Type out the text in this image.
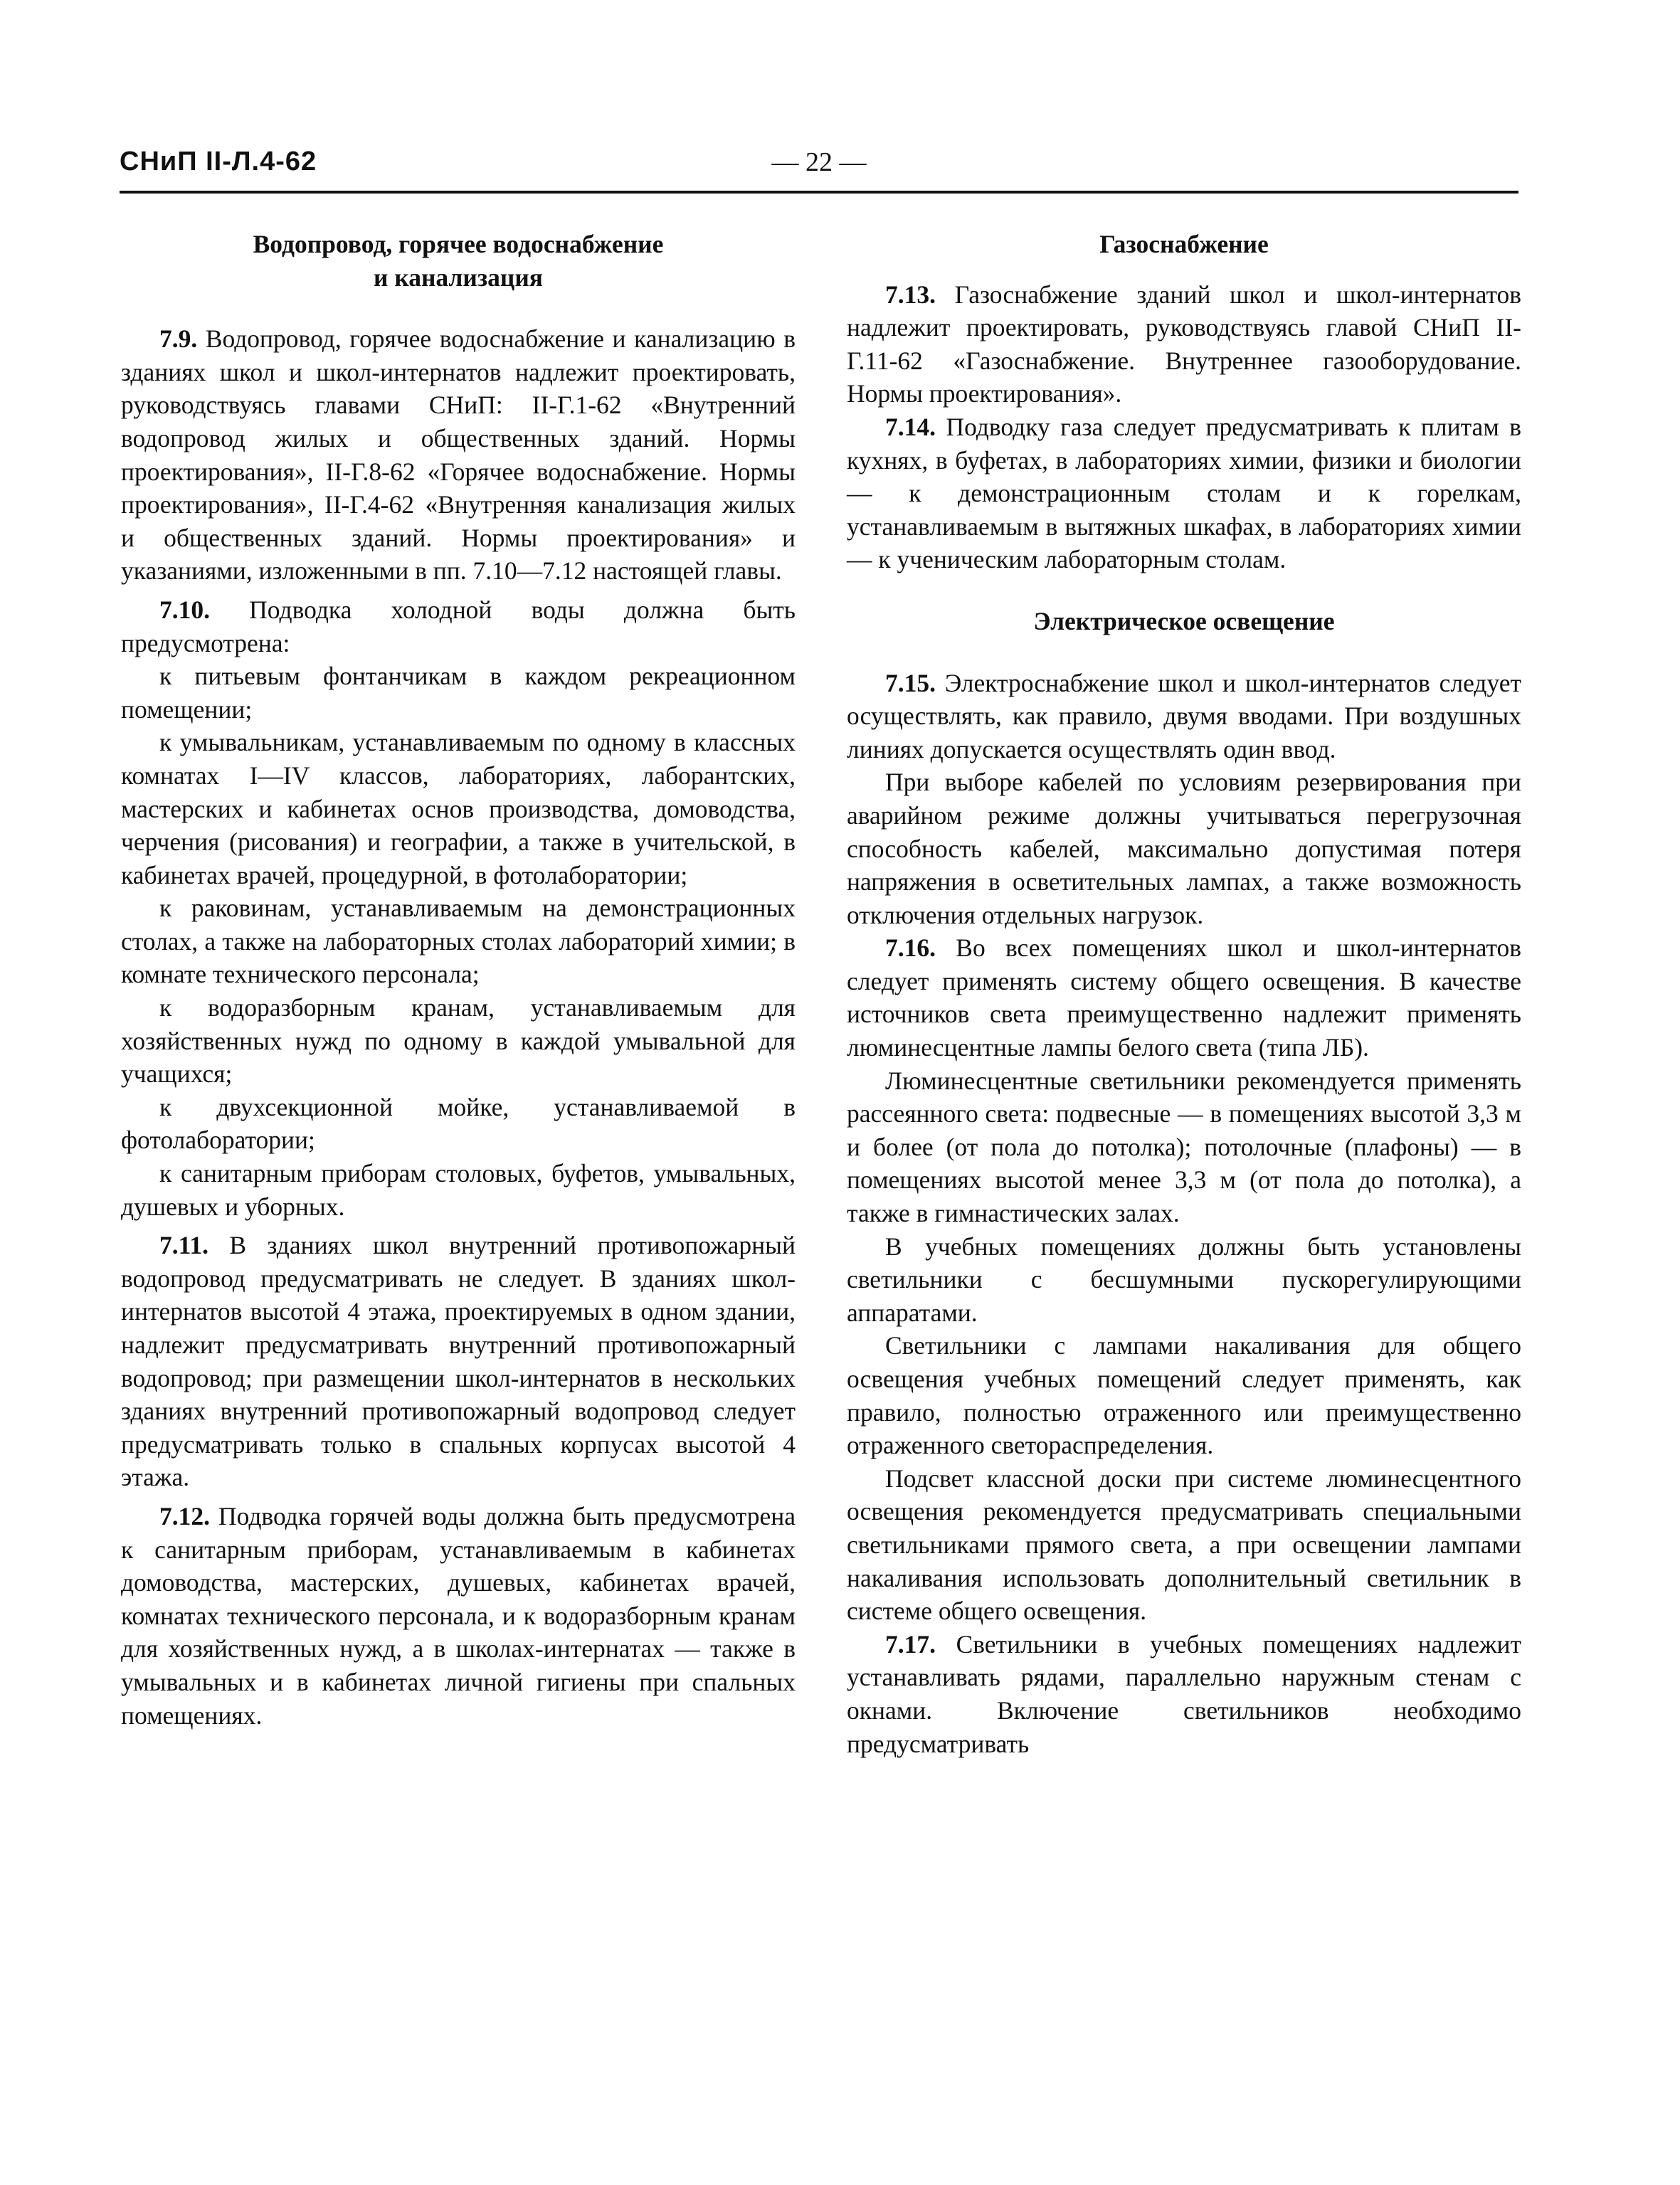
СНиП II-Л.4-62	— 22 —
Водопровод, горячее водоснабжение
и канализация

7.9. Водопровод, горячее водоснабжение и канализацию в зданиях школ и школ-интернатов надлежит проектировать, руководствуясь главами СНиП: II-Г.1-62 «Внутренний водопровод жилых и общественных зданий. Нормы проектирования», II-Г.8-62 «Горячее водоснабжение. Нормы проектирования», II-Г.4-62 «Внутренняя канализация жилых и общественных зданий. Нормы проектирования» и указаниями, изложенными в пп. 7.10—7.12 настоящей главы.

7.10. Подводка холодной воды должна быть предусмотрена:

к питьевым фонтанчикам в каждом рекреационном помещении;

к умывальникам, устанавливаемым по одному в классных комнатах I—IV классов, лабораториях, лаборантских, мастерских и кабинетах основ производства, домоводства, черчения (рисования) и географии, а также в учительской, в кабинетах врачей, процедурной, в фотолаборатории;

к раковинам, устанавливаемым на демонстрационных столах, а также на лабораторных столах лабораторий химии; в комнате технического персонала;

к водоразборным кранам, устанавливаемым для хозяйственных нужд по одному в каждой умывальной для учащихся;

к двухсекционной мойке, устанавливаемой в фотолаборатории;

к санитарным приборам столовых, буфетов, умывальных, душевых и уборных.

7.11. В зданиях школ внутренний противопожарный водопровод предусматривать не следует. В зданиях школ-интернатов высотой 4 этажа, проектируемых в одном здании, надлежит предусматривать внутренний противопожарный водопровод; при размещении школ-интернатов в нескольких зданиях внутренний противопожарный водопровод следует предусматривать только в спальных корпусах высотой 4 этажа.

7.12. Подводка горячей воды должна быть предусмотрена к санитарным приборам, устанавливаемым в кабинетах домоводства, мастерских, душевых, кабинетах врачей, комнатах технического персонала, и к водоразборным кранам для хозяйственных нужд, а в школах-интернатах — также в умывальных и в кабинетах личной гигиены при спальных помещениях.

Газоснабжение

7.13. Газоснабжение зданий школ и школ-интернатов надлежит проектировать, руководствуясь главой СНиП II-Г.11-62 «Газоснабжение. Внутреннее газооборудование. Нормы проектирования».

7.14. Подводку газа следует предусматривать к плитам в кухнях, в буфетах, в лабораториях химии, физики и биологии — к демонстрационным столам и к горелкам, устанавливаемым в вытяжных шкафах, в лабораториях химии — к ученическим лабораторным столам.

Электрическое освещение

7.15. Электроснабжение школ и школ-интернатов следует осуществлять, как правило, двумя вводами. При воздушных линиях допускается осуществлять один ввод.

При выборе кабелей по условиям резервирования при аварийном режиме должны учитываться перегрузочная способность кабелей, максимально допустимая потеря напряжения в осветительных лампах, а также возможность отключения отдельных нагрузок.

7.16. Во всех помещениях школ и школ-интернатов следует применять систему общего освещения. В качестве источников света преимущественно надлежит применять люминесцентные лампы белого света (типа ЛБ).

Люминесцентные светильники рекомендуется применять рассеянного света: подвесные — в помещениях высотой 3,3 м и более (от пола до потолка); потолочные (плафоны) — в помещениях высотой менее 3,3 м (от пола до потолка), а также в гимнастических залах.

В учебных помещениях должны быть установлены светильники с бесшумными пускорегулирующими аппаратами.

Светильники с лампами накаливания для общего освещения учебных помещений следует применять, как правило, полностью отраженного или преимущественно отраженного светораспределения.

Подсвет классной доски при системе люминесцентного освещения рекомендуется предусматривать специальными светильниками прямого света, а при освещении лампами накаливания использовать дополнительный светильник в системе общего освещения.

7.17. Светильники в учебных помещениях надлежит устанавливать рядами, параллельно наружным стенам с окнами. Включение светильников необходимо предусматривать
